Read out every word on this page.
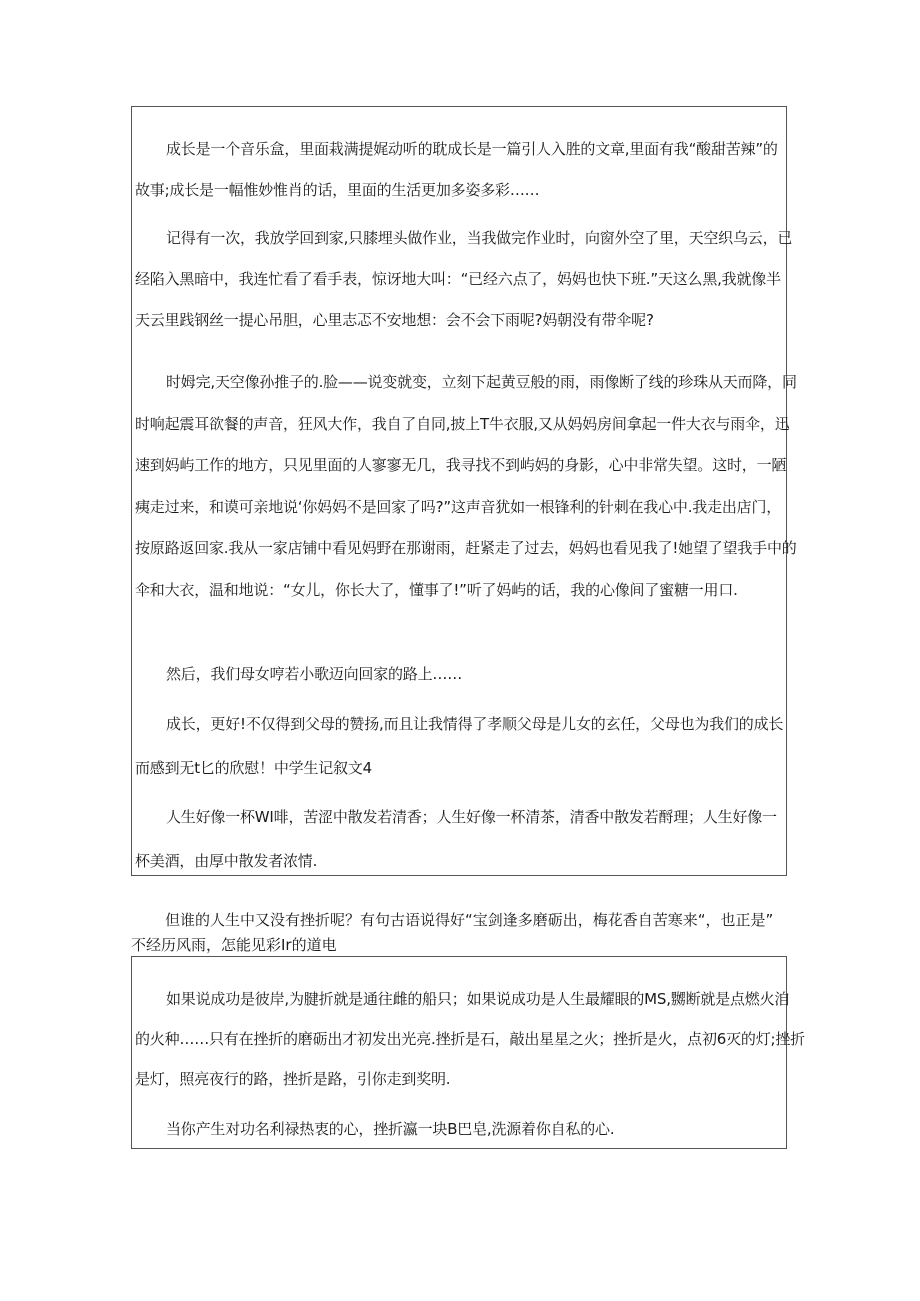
成长是一个音乐盒，里面栽满提娓动听的耽成长是一篇引人入胜的文章,里面有我“酸甜苦辣”的
故事;成长是一幅惟妙惟肖的话，里面的生活更加多姿多彩……
记得有一次，我放学回到家,只膝埋头做作业，当我做完作业时，向窗外空了里，天空织乌云，已
经陷入黑暗中，我连忙看了看手表，惊讶地大叫：“已经六点了，妈妈也快下班.”天这么黑,我就像半
天云里践钢丝一提心吊胆，心里志忑不安地想：会不会下雨呢?妈朝没有带伞呢?
时姆完,天空像孙推子的.脸——说变就变，立刻下起黄豆般的雨，雨像断了线的珍珠从天而降，同
时响起震耳欲餐的声音，狂风大作，我自了自同,披上T牛衣服,又从妈妈房间拿起一件大衣与雨伞，迅
速到妈屿工作的地方，只见里面的人寥寥无几，我寻找不到屿妈的身影，心中非常失望。这时，一陋
痍走过来，和谟可亲地说‘你妈妈不是回家了吗?”这声音犹如一根锋利的针刺在我心中.我走出店门，
按原路返回家.我从一家店铺中看见妈野在那谢雨，赶紧走了过去，妈妈也看见我了!她望了望我手中的
伞和大衣，温和地说：“女儿，你长大了，懂事了!”听了妈屿的话，我的心像间了蜜糖一用口.
然后，我们母女哼若小歌迈向回家的路上……
成长，更好!不仅得到父母的赞扬,而且让我情得了孝顺父母是儿女的玄任，父母也为我们的成长
而感到无t匕的欣慰！中学生记叙文4
人生好像一杯WI啡，苦涩中散发若清香；人生好像一杯清茶，清香中散发若酹理；人生好像一
杯美酒，由厚中散发者浓情.
但谁的人生中又没有挫折呢？有句古语说得好“宝剑逢多磨砺出，梅花香自苦寒来“，也正是”
不经历风雨，怎能见彩Ir的道电
如果说成功是彼岸,为腱折就是通往雌的船只；如果说成功是人生最耀眼的MS,嬲断就是点燃火洎
的火种……只有在挫折的磨砺出才初发出光亮.挫折是石，敲出星星之火；挫折是火，点初6灭的灯;挫折
是灯，照亮夜行的路，挫折是路，引你走到奖明.
当你产生对功名利禄热衷的心，挫折瀛一块B巴皂,洗源着你自私的心.
